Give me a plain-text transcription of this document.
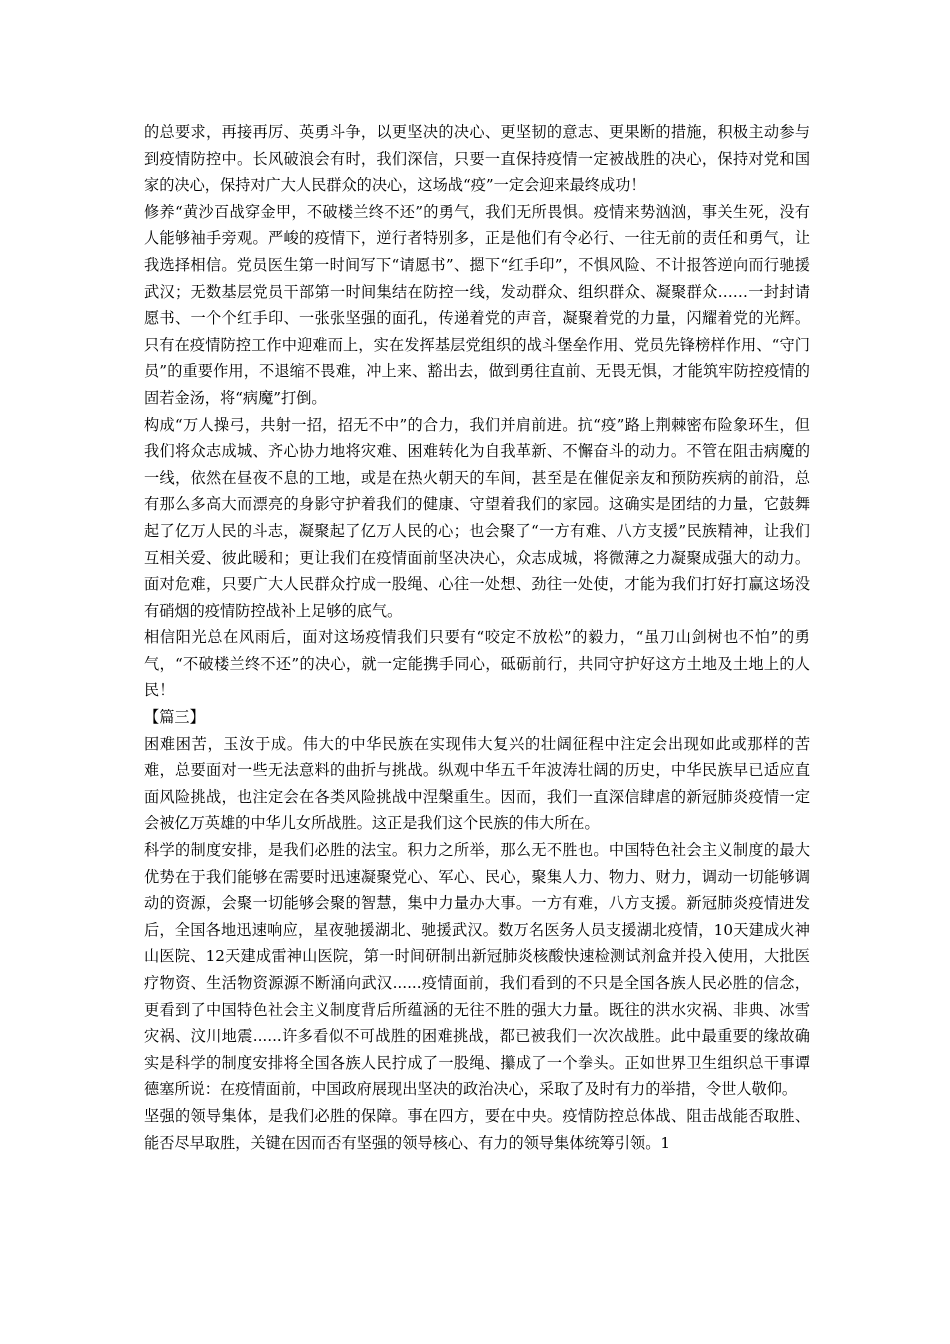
的总要求，再接再厉、英勇斗争，以更坚决的决心、更坚韧的意志、更果断的措施，积极主动参与到疫情防控中。长风破浪会有时，我们深信，只要一直保持疫情一定被战胜的决心，保持对党和国家的决心，保持对广大人民群众的决心，这场战“疫”一定会迎来最终成功！

修养“黄沙百战穿金甲，不破楼兰终不还”的勇气，我们无所畏惧。疫情来势汹汹，事关生死，没有人能够袖手旁观。严峻的疫情下，逆行者特别多，正是他们有令必行、一往无前的责任和勇气，让我选择相信。党员医生第一时间写下“请愿书”、摁下“红手印”，不惧风险、不计报答逆向而行驰援武汉；无数基层党员干部第一时间集结在防控一线，发动群众、组织群众、凝聚群众……一封封请愿书、一个个红手印、一张张坚强的面孔，传递着党的声音，凝聚着党的力量，闪耀着党的光辉。只有在疫情防控工作中迎难而上，实在发挥基层党组织的战斗堡垒作用、党员先锋榜样作用、“守门员”的重要作用，不退缩不畏难，冲上来、豁出去，做到勇往直前、无畏无惧，才能筑牢防控疫情的固若金汤，将“病魔”打倒。

构成“万人操弓，共射一招，招无不中”的合力，我们并肩前进。抗“疫”路上荆棘密布险象环生，但我们将众志成城、齐心协力地将灾难、困难转化为自我革新、不懈奋斗的动力。不管在阻击病魔的一线，依然在昼夜不息的工地，或是在热火朝天的车间，甚至是在催促亲友和预防疾病的前沿，总有那么多高大而漂亮的身影守护着我们的健康、守望着我们的家园。这确实是团结的力量，它鼓舞起了亿万人民的斗志，凝聚起了亿万人民的心；也会聚了“一方有难、八方支援”民族精神，让我们互相关爱、彼此暖和；更让我们在疫情面前坚决决心，众志成城，将微薄之力凝聚成强大的动力。面对危难，只要广大人民群众拧成一股绳、心往一处想、劲往一处使，才能为我们打好打赢这场没有硝烟的疫情防控战补上足够的底气。

相信阳光总在风雨后，面对这场疫情我们只要有“咬定不放松”的毅力，“虽刀山剑树也不怕”的勇气，“不破楼兰终不还”的决心，就一定能携手同心，砥砺前行，共同守护好这方土地及土地上的人民！

【篇三】

困难困苦，玉汝于成。伟大的中华民族在实现伟大复兴的壮阔征程中注定会出现如此或那样的苦难，总要面对一些无法意料的曲折与挑战。纵观中华五千年波涛壮阔的历史，中华民族早已适应直面风险挑战，也注定会在各类风险挑战中涅槃重生。因而，我们一直深信肆虐的新冠肺炎疫情一定会被亿万英雄的中华儿女所战胜。这正是我们这个民族的伟大所在。

科学的制度安排，是我们必胜的法宝。积力之所举，那么无不胜也。中国特色社会主义制度的最大优势在于我们能够在需要时迅速凝聚党心、军心、民心，聚集人力、物力、财力，调动一切能够调动的资源，会聚一切能够会聚的智慧，集中力量办大事。一方有难，八方支援。新冠肺炎疫情进发后，全国各地迅速响应，星夜驰援湖北、驰援武汉。数万名医务人员支援湖北疫情，10天建成火神山医院、12天建成雷神山医院，第一时间研制出新冠肺炎核酸快速检测试剂盒并投入使用，大批医疗物资、生活物资源源不断涌向武汉......疫情面前，我们看到的不只是全国各族人民必胜的信念，更看到了中国特色社会主义制度背后所蕴涵的无往不胜的强大力量。既往的洪水灾祸、非典、冰雪灾祸、汶川地震......许多看似不可战胜的困难挑战，都已被我们一次次战胜。此中最重要的缘故确实是科学的制度安排将全国各族人民拧成了一股绳、攥成了一个拳头。正如世界卫生组织总干事谭德塞所说：在疫情面前，中国政府展现出坚决的政治决心，采取了及时有力的举措，令世人敬仰。

坚强的领导集体，是我们必胜的保障。事在四方，要在中央。疫情防控总体战、阻击战能否取胜、能否尽早取胜，关键在因而否有坚强的领导核心、有力的领导集体统筹引领。1
